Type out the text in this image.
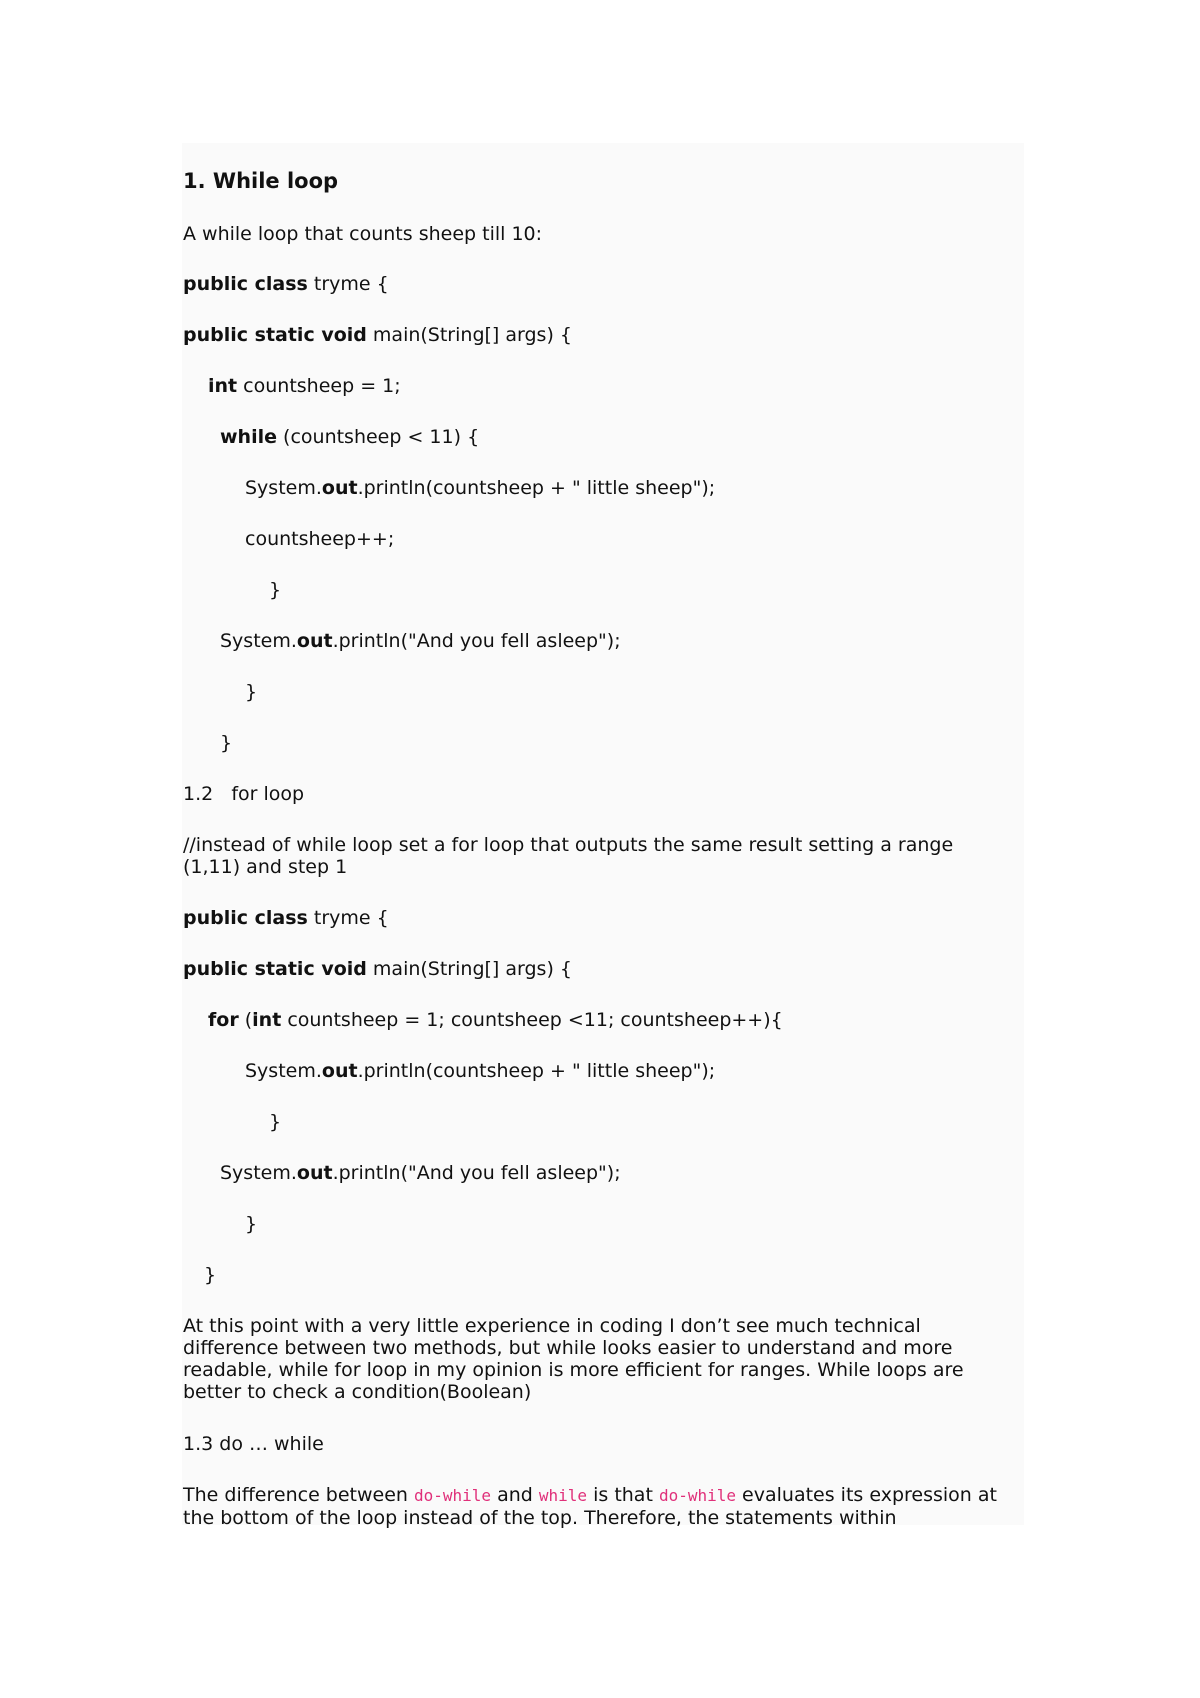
1. While loop
A while loop that counts sheep till 10:
public class tryme {
public static void main(String[] args) {
int countsheep = 1;
while (countsheep < 11) {
System.out.println(countsheep + " little sheep");
countsheep++;
}
System.out.println("And you fell asleep");
}
}
1.2   for loop
//instead of while loop set a for loop that outputs the same result setting a range (1,11) and step 1
public class tryme {
public static void main(String[] args) {
for (int countsheep = 1; countsheep <11; countsheep++){
System.out.println(countsheep + " little sheep");
}
System.out.println("And you fell asleep");
}
}
At this point with a very little experience in coding I don’t see much technical difference between two methods, but while looks easier to understand and more readable, while for loop in my opinion is more efficient for ranges. While loops are better to check a condition(Boolean)
1.3 do … while
The difference between do-while and while is that do-while evaluates its expression at the bottom of the loop instead of the top. Therefore, the statements within
